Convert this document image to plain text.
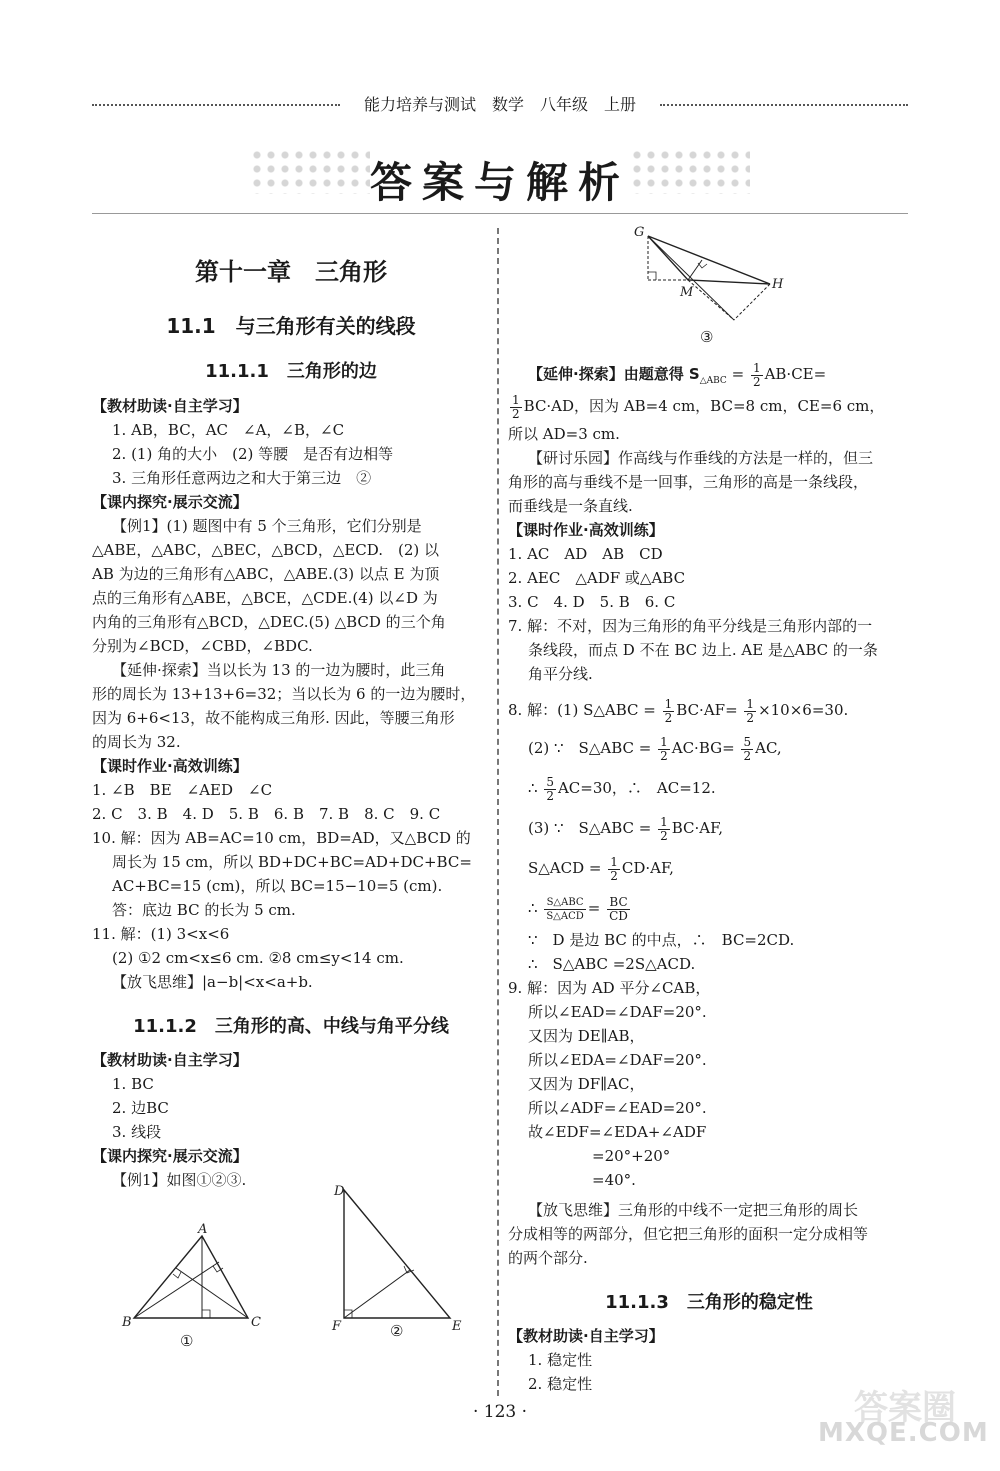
能力培养与测试　数学　八年级　上册
答案与解析
第十一章　三角形
11.1　与三角形有关的线段
11.1.1　三角形的边
【教材助读·自主学习】
1. AB，BC，AC　∠A，∠B，∠C
2. (1) 角的大小　(2) 等腰　是否有边相等
3. 三角形任意两边之和大于第三边　②
【课内探究·展示交流】
【例1】(1) 题图中有 5 个三角形，它们分别是
△ABE，△ABC，△BEC，△BCD，△ECD.　(2) 以
AB 为边的三角形有△ABC，△ABE.(3) 以点 E 为顶
点的三角形有△ABE，△BCE，△CDE.(4) 以∠D 为
内角的三角形有△BCD，△DEC.(5) △BCD 的三个角
分别为∠BCD，∠CBD，∠BDC.
【延伸·探索】当以长为 13 的一边为腰时，此三角
形的周长为 13+13+6=32；当以长为 6 的一边为腰时，
因为 6+6<13，故不能构成三角形. 因此，等腰三角形
的周长为 32.
【课时作业·高效训练】
1. ∠B　BE　∠AED　∠C
2. C　3. B　4. D　5. B　6. B　7. B　8. C　9. C
10. 解：因为 AB=AC=10 cm，BD=AD，又△BCD 的
周长为 15 cm，所以 BD+DC+BC=AD+DC+BC=
AC+BC=15 (cm)，所以 BC=15−10=5 (cm).
答：底边 BC 的长为 5 cm.
11. 解：(1) 3<x<6
(2) ①2 cm<x≤6 cm. ②8 cm≤y<14 cm.
【放飞思维】|a−b|<x<a+b.
11.1.2　三角形的高、中线与角平分线
【教材助读·自主学习】
1. BC
2. 边BC
3. 线段
【课内探究·展示交流】
【例1】如图①②③.
A
B	C
①
D
F	E
②
G
M
H
③
【延伸·探索】由题意得 $S_{\triangle ABC} = \frac{1}{2} AB\cdot CE=$
$\frac{1}{2} BC\cdot AD$，因为 AB=4 cm，BC=8 cm，CE=6 cm，
所以 AD=3 cm.
【研讨乐园】作高线与作垂线的方法是一样的，但三
角形的高与垂线不是一回事，三角形的高是一条线段，
而垂线是一条直线.
【课时作业·高效训练】
1. AC　AD　AB　CD
2. AEC　△ADF 或△ABC
3. C　4. D　5. B　6. C
7. 解：不对，因为三角形的角平分线是三角形内部的一
条线段，而点 D 不在 BC 边上. AE 是△ABC 的一条
角平分线.
8. 解：(1) S△ABC = $\frac{1}{2} BC\cdot AF= \frac{1}{2} \times 10\times 6=30$.
(2) ∵　S△ABC = $\frac{1}{2} AC\cdot BG= \frac{5}{2}$ AC,
∴ $\frac{5}{2} AC=30$，∴　AC=12.
(3) ∵　S△ABC = $\frac{1}{2} BC\cdot AF$,
S△ACD = $\frac{1}{2} CD\cdot AF$,
∴ $\frac{\text{S△ABC}}{\text{S△ACD}} = \frac{BC}{CD}$
∵　D 是边 BC 的中点，∴　BC=2CD.
∴　S△ABC =2S△ACD.
9. 解：因为 AD 平分∠CAB，
所以∠EAD=∠DAF=20°.
又因为 DE∥AB，
所以∠EDA=∠DAF=20°.
又因为 DF∥AC，
所以∠ADF=∠EAD=20°.
故∠EDF=∠EDA+∠ADF
=20°+20°
=40°.
【放飞思维】三角形的中线不一定把三角形的周长
分成相等的两部分，但它把三角形的面积一定分成相等
的两个部分.
11.1.3　三角形的稳定性
【教材助读·自主学习】
1. 稳定性
2. 稳定性
· 123 ·	答案圈
MXQE.COM
